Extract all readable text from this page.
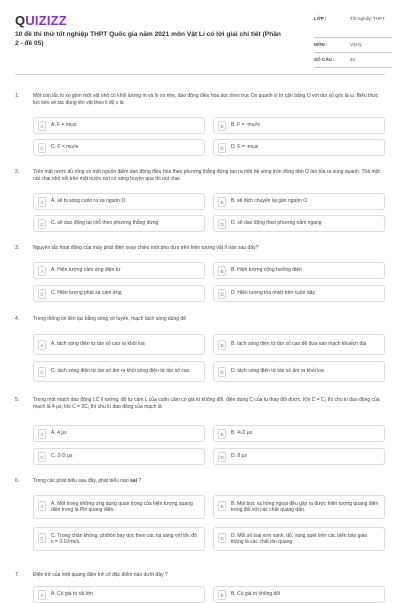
QUIZIZZ
10 đề thi thử tốt nghiệp THPT Quốc gia năm 2021 môn Vật Lí có lời giải chi tiết (Phần 2 - đề 05)
LỚP :	Tốt nghiệp THPT
MÔN :	Vật lý
SỐ CÂU :	40
1.	Một con lắc lò xo gồm một vật nhỏ có khối lượng m và lò xo nhẹ, dao động điều hòa dọc theo trục Ox quanh vị trí cân bằng O với tần số góc là ω. Biểu thức lực kéo về tác dụng lên vật theo li độ x là
A	A. F = mωx	B	B. F = -mω²x
C	C. F = mω²x	D	D. F = -mωx
2.	Trên mặt nước đủ rộng có một nguồn điểm dao động điều hòa theo phương thẳng đứng tạo ra một hệ sóng tròn đồng tâm O lan tỏa ra xung quanh. Thả một nút chai nhỏ nổi trên mặt nước nơi có sóng truyền qua thì nút chai
A	A. sẽ bị sóng cuốn ra xa nguồn O	B	B. sẽ dịch chuyển lại gần nguồn O
C	C. sẽ dao động tại chỗ theo phương thẳng đứng	D	D. sẽ dao động theo phương nằm ngang
3.	Nguyên tắc hoạt động của máy phát điện xoay chiều một pha dựa trên hiện tượng vật lí nào sau đây?
A	A. Hiện tượng cảm ứng điện từ	B	B. Hiện tượng cộng hưởng điện
C	C. Hiện tượng phát xạ cảm ứng	D	D. Hiện tượng tỏa nhiệt trên cuộn dây
4.	Trong thông tin liên lạc bằng sóng vô tuyến, mạch tách sóng dùng để
A	A. tách sóng điện từ tần số cao ra khỏi loa	B	B. tách sóng điện từ tần số cao để đưa vào mạch khuếch đại
C	C. tách sóng điện từ tần số âm ra khỏi sóng điện từ tần số cao	D	D. tách sóng điện từ tần số âm ra khỏi loa
5.	Trong một mạch dao động LC lí tưởng, độ tự cảm L của cuộn cảm có giá trị không đổi, điện dung C của tụ thay đổi được. Khi C = C₁ thì chu kì dao động của mạch là 4 μs; khi C = 2C₁ thì chu kì dao động của mạch là
A	A. 4 μs	B	B. 4√2 μs
C	C. 2√2 μs	D	D. 8 μs
6.	Trong các phát biểu sau đây, phát biểu nào sai ?
A	A. Một trong những ứng dụng quan trọng của hiện tượng quang điện trong là Pin quang điện.
B	B. Mọi bức xạ hồng ngoại đều gây ra được hiện tượng quang điện trong đối với các chất quang dẫn.
C	C. Trong chân không, phôtôn bay dọc theo các tia sáng với tốc độ c = 3.10⁸m/s.
D	D. Mỗi số loại xơn xanh, đỏ, vàng quét trên các biển báo giao thông là các chất lân quang
7.	Điện trở của một quang điện trở có đặc điểm nào dưới đây ?
A	A. Có giá trị rất lớn	B	B. Có giá trị không đổi
